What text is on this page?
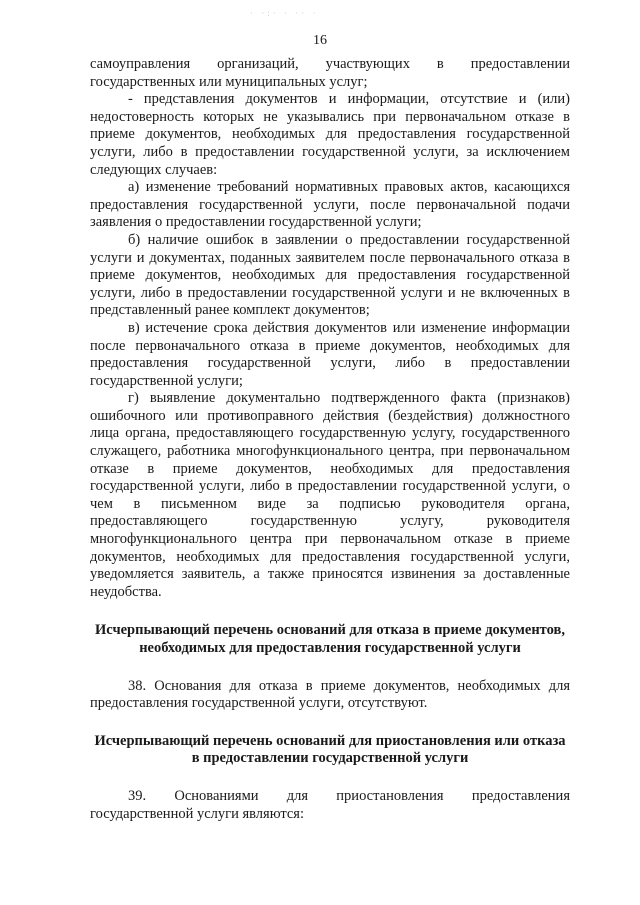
· ·:· · ·· ·
16

самоуправления организаций, участвующих в предоставлении государственных или муниципальных услуг;

- представления документов и информации, отсутствие и (или) недостоверность которых не указывались при первоначальном отказе в приеме документов, необходимых для предоставления государственной услуги, либо в предоставлении государственной услуги, за исключением следующих случаев:

а) изменение требований нормативных правовых актов, касающихся предоставления государственной услуги, после первоначальной подачи заявления о предоставлении государственной услуги;

б) наличие ошибок в заявлении о предоставлении государственной услуги и документах, поданных заявителем после первоначального отказа в приеме документов, необходимых для предоставления государственной услуги, либо в предоставлении государственной услуги и не включенных в представленный ранее комплект документов;

в) истечение срока действия документов или изменение информации после первоначального отказа в приеме документов, необходимых для предоставления государственной услуги, либо в предоставлении государственной услуги;

г) выявление документально подтвержденного факта (признаков) ошибочного или противоправного действия (бездействия) должностного лица органа, предоставляющего государственную услугу, государственного служащего, работника многофункционального центра, при первоначальном отказе в приеме документов, необходимых для предоставления государственной услуги, либо в предоставлении государственной услуги, о чем в письменном виде за подписью руководителя органа, предоставляющего государственную услугу, руководителя многофункционального центра при первоначальном отказе в приеме документов, необходимых для предоставления государственной услуги, уведомляется заявитель, а также приносятся извинения за доставленные неудобства.

Исчерпывающий перечень оснований для отказа в приеме документов, необходимых для предоставления государственной услуги

38. Основания для отказа в приеме документов, необходимых для предоставления государственной услуги, отсутствуют.

Исчерпывающий перечень оснований для приостановления или отказа в предоставлении государственной услуги

39. Основаниями для приостановления предоставления государственной услуги являются:
